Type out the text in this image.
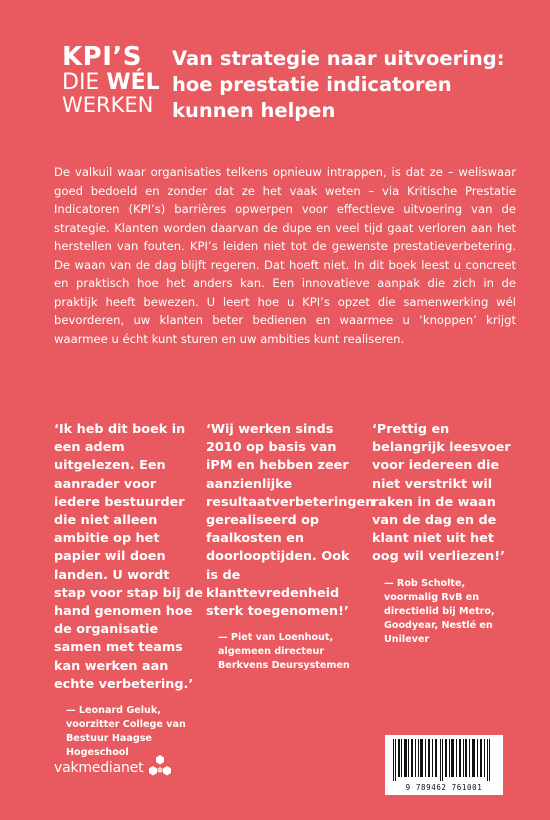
KPI’S
DIE WÉL
WERKEN
Van strategie naar uitvoering:
hoe prestatie indicatoren
kunnen helpen

De valkuil waar organisaties telkens opnieuw intrappen, is dat ze – weliswaar goed bedoeld en zonder dat ze het vaak weten – via Kritische Prestatie Indicatoren (KPI’s) barrières opwerpen voor effectieve uitvoering van de strategie. Klanten worden daarvan de dupe en veel tijd gaat verloren aan het herstellen van fouten. KPI’s leiden niet tot de gewenste prestatieverbetering. De waan van de dag blijft regeren. Dat hoeft niet. In dit boek leest u concreet en praktisch hoe het anders kan. Een innovatieve aanpak die zich in de praktijk heeft bewezen. U leert hoe u KPI’s opzet die samenwerking wél bevorderen, uw klanten beter bedienen en waarmee u ‘knoppen’ krijgt waarmee u écht kunt sturen en uw ambities kunt realiseren.

‘Ik heb dit boek in een adem uitgelezen. Een aanrader voor iedere bestuurder die niet alleen ambitie op het papier wil doen landen. U wordt stap voor stap bij de hand genomen hoe de organisatie samen met teams kan werken aan echte verbetering.’

— Leonard Geluk, voorzitter College van Bestuur Haagse Hogeschool

‘Wij werken sinds 2010 op basis van iPM en hebben zeer aanzienlijke resultaatverbeteringen gerealiseerd op faalkosten en doorlooptijden. Ook is de klanttevredenheid sterk toegenomen!’

— Piet van Loenhout, algemeen directeur Berkvens Deursystemen

‘Prettig en belangrijk leesvoer voor iedereen die niet verstrikt wil raken in de waan van de dag en de klant niet uit het oog wil verliezen!’

— Rob Scholte, voormalig RvB en directielid bij Metro, Goodyear, Nestlé en Unilever
vakmedianet
9 789462 761001
